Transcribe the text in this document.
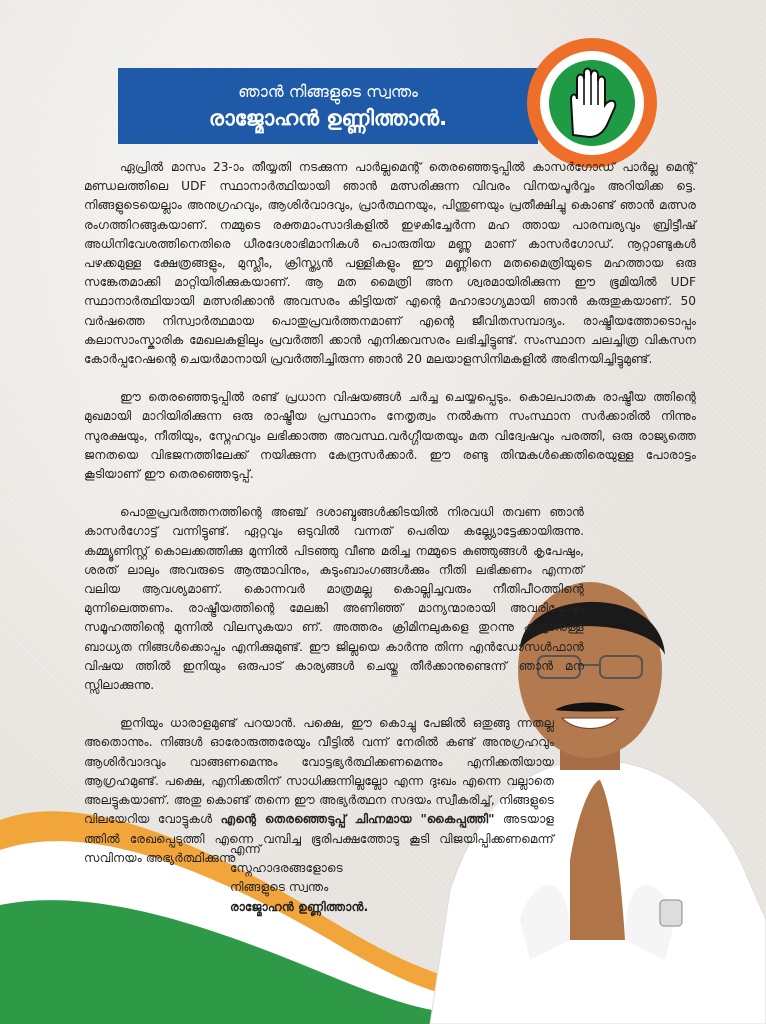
ഞാൻ നിങ്ങളുടെ സ്വന്തം
രാജ്മോഹൻ ഉണ്ണിത്താൻ.

ഏപ്രിൽ മാസം 23-ാം തീയ്യതി നടക്കുന്ന പാർല്ലമെന്റ് തെരഞ്ഞെടുപ്പിൽ കാസർഗോഡ് പാർല്ല മെന്റ് മണ്ഡലത്തിലെ UDF സ്ഥാനാർത്ഥിയായി ഞാൻ മത്സരിക്കുന്ന വിവരം വിനയപൂർവ്വം അറിയിക്ക ട്ടെ. നിങ്ങളുടെയെല്ലാം അനുഗ്രഹവും, ആശിർവാദവും, പ്രാർത്ഥനയും, പിന്തുണയും പ്രതീക്ഷിച്ചു കൊണ്ട് ഞാൻ മത്സര രംഗത്തിറങ്ങുകയാണ്. നമ്മുടെ രക്തമാംസാദികളിൽ ഇഴകിച്ചേർന്ന മഹ ത്തായ പാരമ്പര്യവും ബ്രിട്ടീഷ് അധിനിവേശത്തിനെതിരെ ധീരദേശാഭിമാനികൾ പൊരുതിയ മണ്ണു മാണ് കാസർഗോഡ്. നൂറ്റാണ്ടുകൾ പഴക്കമുള്ള ക്ഷേത്രങ്ങളും, മുസ്ലീം, ക്രിസ്ത്യൻ പള്ളികളും ഈ മണ്ണിനെ മതമൈത്രിയുടെ മഹത്തായ ഒരു സങ്കേതമാക്കി മാറ്റിയിരിക്കുകയാണ്. ആ മത മൈത്രി അന ശ്വരമായിരിക്കുന്ന ഈ ഭൂമിയിൽ UDF സ്ഥാനാർത്ഥിയായി മത്സരിക്കാൻ അവസരം കിട്ടിയത് എന്റെ മഹാഭാഗ്യമായി ഞാൻ കരുതുകയാണ്. 50 വർഷത്തെ നിസ്വാർത്ഥമായ പൊതുപ്രവർത്തനമാണ് എന്റെ ജീവിതസമ്പാദ്യം. രാഷ്ട്രീയത്തോടൊപ്പം കലാസാംസ്കാരിക മേഖലകളിലും പ്രവർത്തി ക്കാൻ എനിക്കവസരം ലഭിച്ചിട്ടുണ്ട്. സംസ്ഥാന ചലച്ചിത്ര വികസന കോർപ്പറേഷന്റെ ചെയർമാനായി പ്രവർത്തിച്ചിരുന്ന ഞാൻ 20 മലയാളസിനിമകളിൽ അഭിനയിച്ചിട്ടുമുണ്ട്.

ഈ തെരഞ്ഞെടുപ്പിൽ രണ്ട് പ്രധാന വിഷയങ്ങൾ ചർച്ച ചെയ്യപ്പെടും. കൊലപാതക രാഷ്ട്രീയ ത്തിന്റെ മുഖമായി മാറിയിരിക്കുന്ന ഒരു രാഷ്ട്രീയ പ്രസ്ഥാനം നേതൃത്വം നൽകുന്ന സംസ്ഥാന സർക്കാരിൽ നിന്നും സുരക്ഷയും, നീതിയും, സ്നേഹവും ലഭിക്കാത്ത അവസ്ഥ.വർഗ്ഗീയതയും മത വിദ്വേഷവും പരത്തി, ഒരു രാജ്യത്തെ ജനതയെ വിഭജനത്തിലേക്ക് നയിക്കുന്ന കേന്ദ്രസർക്കാർ. ഈ രണ്ടു തിന്മകൾക്കെതിരെയുള്ള പോരാട്ടം കൂടിയാണ് ഈ തെരഞ്ഞെടുപ്പ്.

പൊതുപ്രവർത്തനത്തിന്റെ അഞ്ച് ദശാബ്ദങ്ങൾക്കിടയിൽ നിരവധി തവണ ഞാൻ കാസർഗോട്ട് വന്നിട്ടുണ്ട്. ഏറ്റവും ഒടുവിൽ വന്നത് പെരിയ കല്ല്യോട്ടേക്കായിരുന്നു. കമ്മ്യൂണിസ്റ്റ് കൊലക്കത്തിക്കു മുന്നിൽ പിടഞ്ഞു വീണു മരിച്ച നമ്മുടെ കുഞ്ഞുങ്ങൾ കൃപേഷും, ശരത് ലാലും അവരുടെ ആത്മാവിനും, കുടുംബാംഗങ്ങൾക്കും നീതി ലഭിക്കണം എന്നത് വലിയ ആവശ്യമാണ്. കൊന്നവർ മാത്രമല്ല കൊല്ലിച്ചവരും നീതിപീഠത്തിന്റെ മുന്നിലെത്തണം. രാഷ്ട്രീയത്തിന്റെ മേലങ്കി അണിഞ്ഞ് മാന്യന്മാരായി അവരിപ്പോഴും സമൂഹത്തിന്റെ മുന്നിൽ വിലസുകയാ ണ്. അത്തരം ക്രിമിനലുകളെ തുറന്നു കാട്ടാനുള്ള ബാധ്യത നിങ്ങൾക്കൊപ്പം എനിക്കുമുണ്ട്. ഈ ജില്ലയെ കാർന്നു തിന്ന എൻഡോസൾഫാൻ വിഷയ ത്തിൽ ഇനിയും ഒരുപാട് കാര്യങ്ങൾ ചെയ്തു തീർക്കാനുണ്ടെന്ന് ഞാൻ മന സ്സിലാക്കുന്നു.

ഇനിയും ധാരാളമുണ്ട് പറയാൻ. പക്ഷെ, ഈ കൊച്ചു പേജിൽ ഒതുങ്ങു ന്നതല്ല അതൊന്നും. നിങ്ങൾ ഓരോരുത്തരേയും വീട്ടിൽ വന്ന് നേരിൽ കണ്ട് അനുഗ്രഹവും ആശിർവാദവും വാങ്ങണമെന്നും വോട്ടഭ്യർത്ഥിക്കണമെന്നും എനിക്കതിയായ ആഗ്രഹമുണ്ട്. പക്ഷെ, എനിക്കതിന് സാധിക്കുന്നില്ലല്ലോ എന്ന ദുഃഖം എന്നെ വല്ലാതെ അലട്ടുകയാണ്. അതു കൊണ്ട് തന്നെ ഈ അഭ്യർത്ഥന സദയം സ്വീകരിച്ച്, നിങ്ങളുടെ വിലയേറിയ വോട്ടുകൾ എന്റെ തെരഞ്ഞെടുപ്പ് ചിഹ്നമായ "കൈപ്പത്തി" അടയാള ത്തിൽ രേഖപ്പെടുത്തി എന്നെ വമ്പിച്ച ഭൂരിപക്ഷത്തോടു കൂടി വിജയിപ്പിക്കണമെന്ന് സവിനയം അഭ്യർത്ഥിക്കുന്നു

എന്ന്
സ്നേഹാദരങ്ങളോടെ
നിങ്ങളുടെ സ്വന്തം
രാജ്മോഹൻ ഉണ്ണിത്താൻ.
